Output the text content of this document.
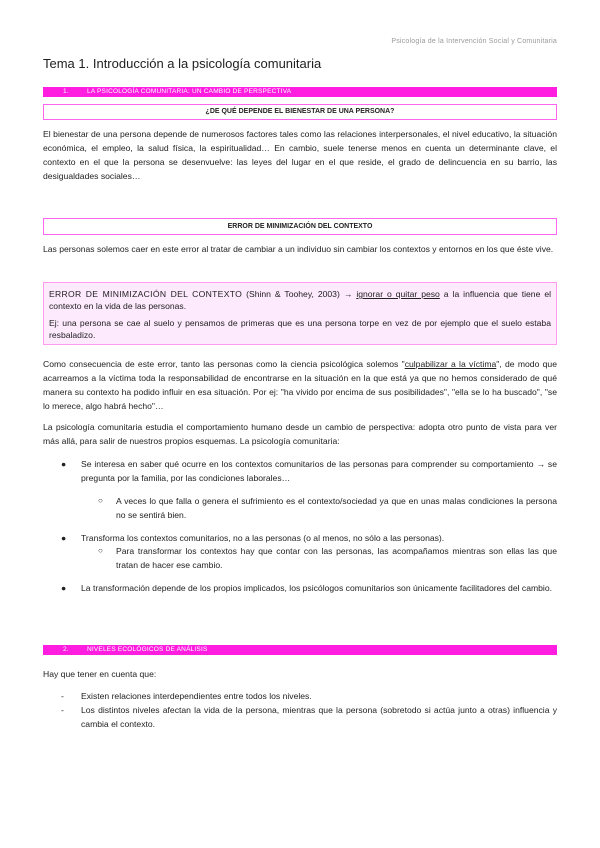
Psicología de la Intervención Social y Comunitaria
Tema 1. Introducción a la psicología comunitaria
1.	LA PSICOLOGÍA COMUNITARIA: UN CAMBIO DE PERSPECTIVA
¿DE QUÉ DEPENDE EL BIENESTAR DE UNA PERSONA?
El bienestar de una persona depende de numerosos factores tales como las relaciones interpersonales, el nivel educativo, la situación económica, el empleo, la salud física, la espiritualidad… En cambio, suele tenerse menos en cuenta un determinante clave, el contexto en el que la persona se desenvuelve: las leyes del lugar en el que reside, el grado de delincuencia en su barrio, las desigualdades sociales…
ERROR DE MINIMIZACIÓN DEL CONTEXTO
Las personas solemos caer en este error al tratar de cambiar a un individuo sin cambiar los contextos y entornos en los que éste vive.

ERROR DE MINIMIZACIÓN DEL CONTEXTO (Shinn & Toohey, 2003) → ignorar o quitar peso a la influencia que tiene el contexto en la vida de las personas.

Ej: una persona se cae al suelo y pensamos de primeras que es una persona torpe en vez de por ejemplo que el suelo estaba resbaladizo.

Como consecuencia de este error, tanto las personas como la ciencia psicológica solemos "culpabilizar a la víctima", de modo que acarreamos a la víctima toda la responsabilidad de encontrarse en la situación en la que está ya que no hemos considerado de qué manera su contexto ha podido influir en esa situación. Por ej: "ha vivido por encima de sus posibilidades", "ella se lo ha buscado", "se lo merece, algo habrá hecho"…
La psicología comunitaria estudia el comportamiento humano desde un cambio de perspectiva: adopta otro punto de vista para ver más allá, para salir de nuestros propios esquemas. La psicología comunitaria:
● Se interesa en saber qué ocurre en los contextos comunitarios de las personas para comprender su comportamiento → se pregunta por la familia, por las condiciones laborales…
○ A veces lo que falla o genera el sufrimiento es el contexto/sociedad ya que en unas malas condiciones la persona no se sentirá bien.
● Transforma los contextos comunitarios, no a las personas (o al menos, no sólo a las personas).
○ Para transformar los contextos hay que contar con las personas, las acompañamos mientras son ellas las que tratan de hacer ese cambio.
● La transformación depende de los propios implicados, los psicólogos comunitarios son únicamente facilitadores del cambio.
2.	NIVELES ECOLÓGICOS DE ANÁLISIS
Hay que tener en cuenta que:
- Existen relaciones interdependientes entre todos los niveles.
- Los distintos niveles afectan la vida de la persona, mientras que la persona (sobretodo si actúa junto a otras) influencia y cambia el contexto.
